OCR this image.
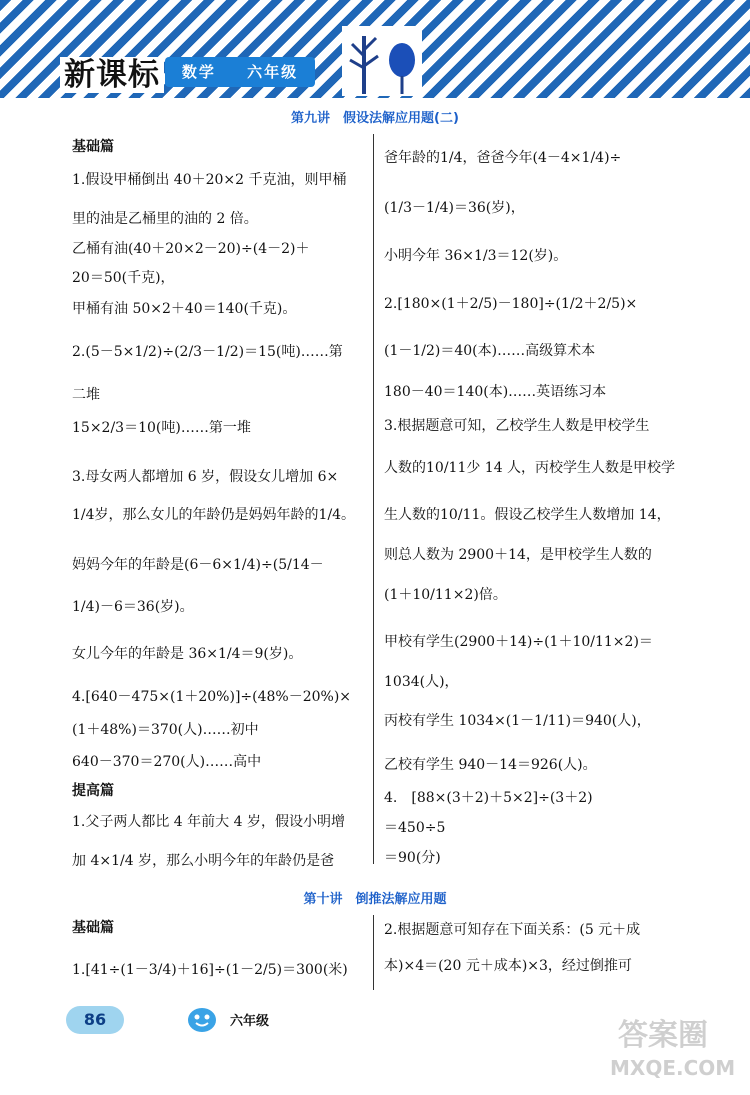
新课标	数学 六年级
第九讲　假设法解应用题(二)
基础篇
1.假设甲桶倒出 40＋20×2 千克油，则甲桶
里的油是乙桶里的油的 2 倍。
乙桶有油(40＋20×2－20)÷(4－2)＋
20＝50(千克)，
甲桶有油 50×2＋40＝140(千克)。
2.(5－5×1/2)÷(2/3－1/2)＝15(吨)……第
二堆
15×2/3＝10(吨)……第一堆
3.母女两人都增加 6 岁，假设女儿增加 6×
1/4岁，那么女儿的年龄仍是妈妈年龄的1/4。
妈妈今年的年龄是(6－6×1/4)÷(5/14－
1/4)－6＝36(岁)。
女儿今年的年龄是 36×1/4＝9(岁)。
4.[640－475×(1＋20%)]÷(48%－20%)×
(1＋48%)＝370(人)……初中
640－370＝270(人)……高中
提高篇
1.父子两人都比 4 年前大 4 岁，假设小明增
加 4×1/4 岁，那么小明今年的年龄仍是爸
爸年龄的1/4，爸爸今年(4－4×1/4)÷
(1/3－1/4)＝36(岁)，
小明今年 36×1/3＝12(岁)。
2.[180×(1＋2/5)－180]÷(1/2＋2/5)×
(1－1/2)＝40(本)……高级算术本
180－40＝140(本)……英语练习本
3.根据题意可知，乙校学生人数是甲校学生
人数的10/11少 14 人，丙校学生人数是甲校学
生人数的10/11。假设乙校学生人数增加 14，
则总人数为 2900＋14，是甲校学生人数的
(1＋10/11×2)倍。
甲校有学生(2900＋14)÷(1＋10/11×2)＝
1034(人)，
丙校有学生 1034×(1－1/11)＝940(人)，
乙校有学生 940－14＝926(人)。
4.　[88×(3＋2)＋5×2]÷(3＋2)
＝450÷5
＝90(分)
第十讲　倒推法解应用题
基础篇
1.[41÷(1－3/4)＋16]÷(1－2/5)＝300(米)
2.根据题意可知存在下面关系：(5 元＋成
本)×4＝(20 元＋成本)×3，经过倒推可
86	六年级	答案圈
MXQE.COM
